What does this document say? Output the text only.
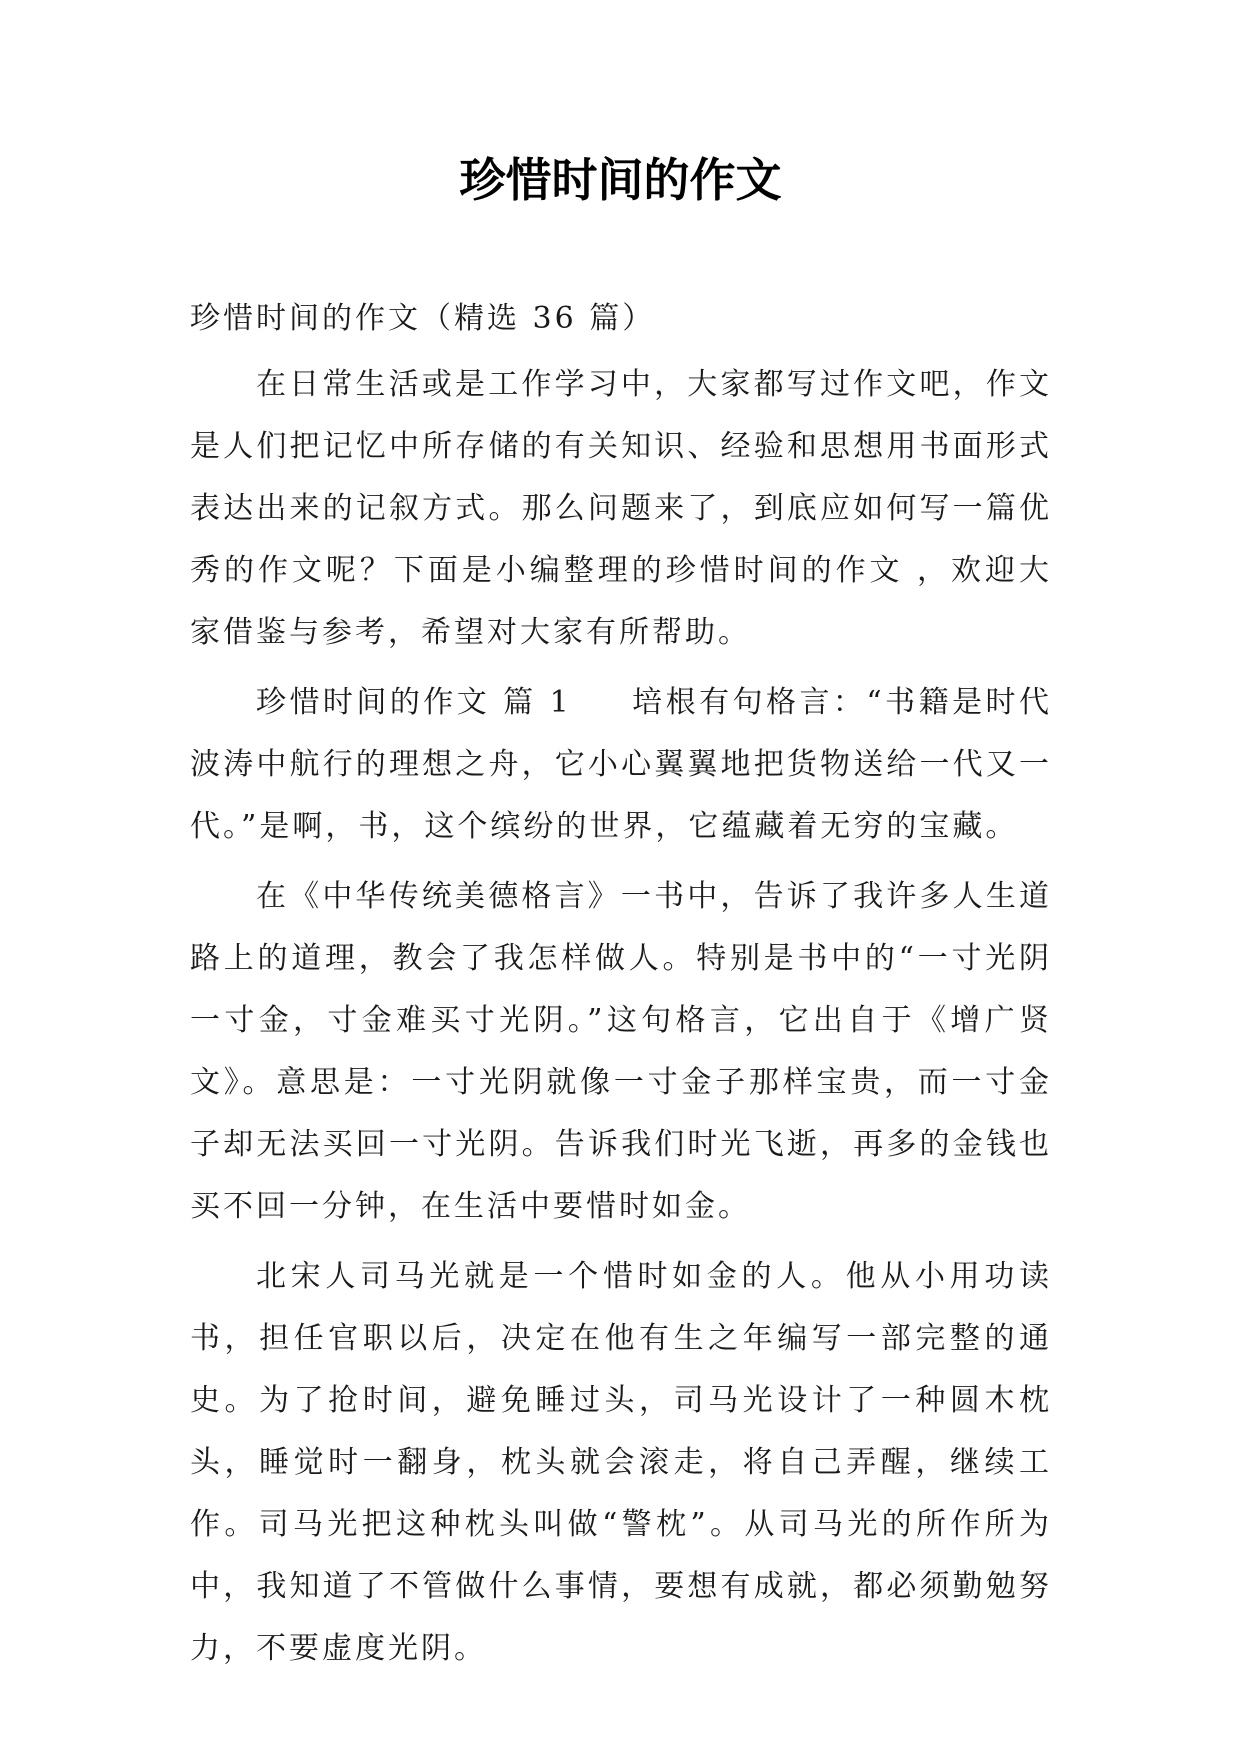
珍惜时间的作文

珍惜时间的作文（精选 36 篇）

在日常生活或是工作学习中，大家都写过作文吧，作文是人们把记忆中所存储的有关知识、经验和思想用书面形式表达出来的记叙方式。那么问题来了，到底应如何写一篇优秀的作文呢？下面是小编整理的珍惜时间的作文 ，欢迎大家借鉴与参考，希望对大家有所帮助。

珍惜时间的作文 篇 1 培根有句格言：“书籍是时代波涛中航行的理想之舟，它小心翼翼地把货物送给一代又一代。”是啊，书，这个缤纷的世界，它蕴藏着无穷的宝藏。

在《中华传统美德格言》一书中，告诉了我许多人生道路上的道理，教会了我怎样做人。特别是书中的“一寸光阴一寸金，寸金难买寸光阴。”这句格言，它出自于《增广贤文》。意思是：一寸光阴就像一寸金子那样宝贵，而一寸金子却无法买回一寸光阴。告诉我们时光飞逝，再多的金钱也买不回一分钟，在生活中要惜时如金。

北宋人司马光就是一个惜时如金的人。他从小用功读书，担任官职以后，决定在他有生之年编写一部完整的通史。为了抢时间，避免睡过头，司马光设计了一种圆木枕头，睡觉时一翻身，枕头就会滚走，将自己弄醒，继续工作。司马光把这种枕头叫做“警枕”。从司马光的所作所为中，我知道了不管做什么事情，要想有成就，都必须勤勉努力，不要虚度光阴。
